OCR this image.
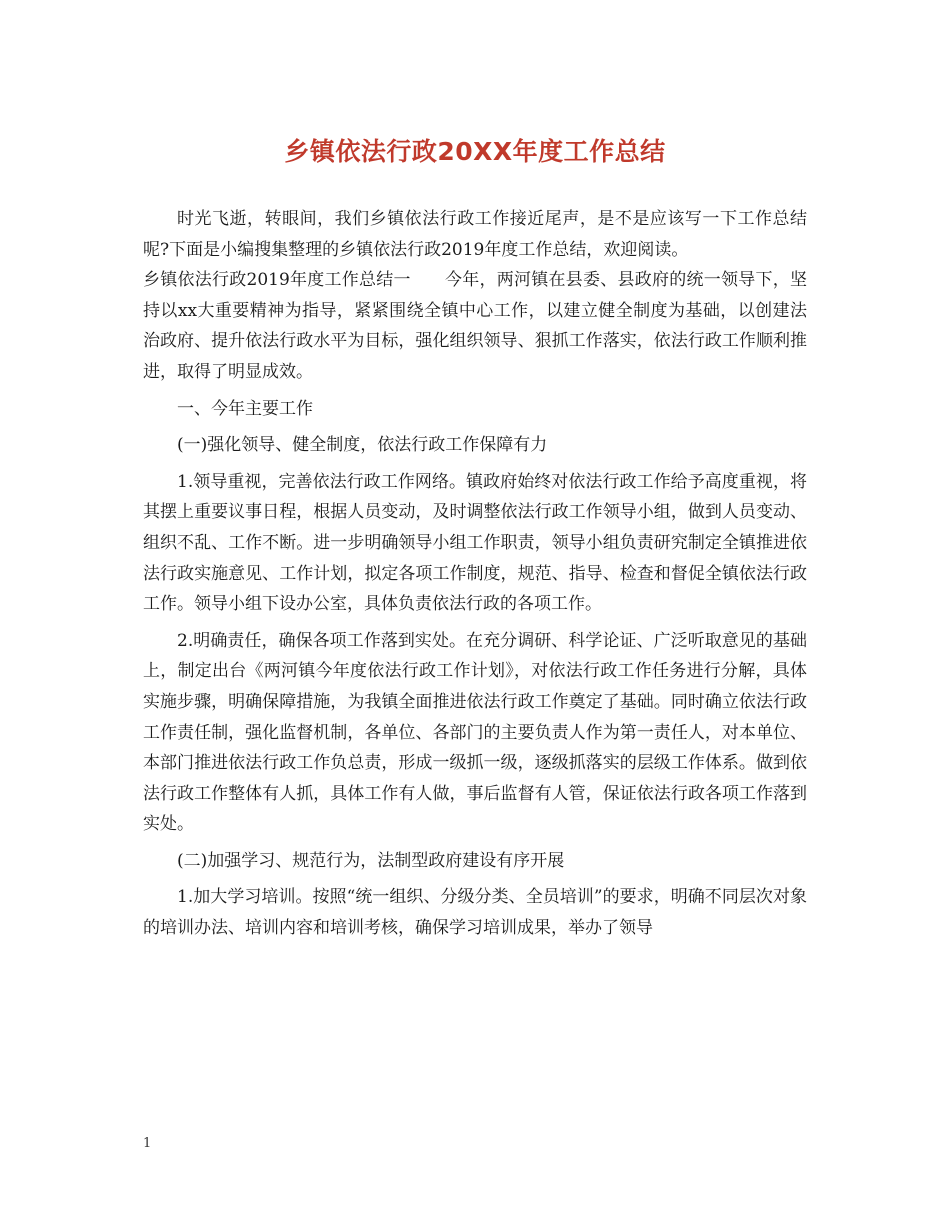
乡镇依法行政20XX年度工作总结

时光飞逝，转眼间，我们乡镇依法行政工作接近尾声，是不是应该写一下工作总结呢?下面是小编搜集整理的乡镇依法行政2019年度工作总结，欢迎阅读。

乡镇依法行政2019年度工作总结一 今年，两河镇在县委、县政府的统一领导下，坚持以xx大重要精神为指导，紧紧围绕全镇中心工作，以建立健全制度为基础，以创建法治政府、提升依法行政水平为目标，强化组织领导、狠抓工作落实，依法行政工作顺利推进，取得了明显成效。

一、今年主要工作

(一)强化领导、健全制度，依法行政工作保障有力

1.领导重视，完善依法行政工作网络。镇政府始终对依法行政工作给予高度重视，将其摆上重要议事日程，根据人员变动，及时调整依法行政工作领导小组，做到人员变动、组织不乱、工作不断。进一步明确领导小组工作职责，领导小组负责研究制定全镇推进依法行政实施意见、工作计划，拟定各项工作制度，规范、指导、检查和督促全镇依法行政工作。领导小组下设办公室，具体负责依法行政的各项工作。

2.明确责任，确保各项工作落到实处。在充分调研、科学论证、广泛听取意见的基础上，制定出台《两河镇今年度依法行政工作计划》，对依法行政工作任务进行分解，具体实施步骤，明确保障措施，为我镇全面推进依法行政工作奠定了基础。同时确立依法行政工作责任制，强化监督机制，各单位、各部门的主要负责人作为第一责任人，对本单位、本部门推进依法行政工作负总责，形成一级抓一级，逐级抓落实的层级工作体系。做到依法行政工作整体有人抓，具体工作有人做，事后监督有人管，保证依法行政各项工作落到实处。

(二)加强学习、规范行为，法制型政府建设有序开展

1.加大学习培训。按照“统一组织、分级分类、全员培训”的要求，明确不同层次对象的培训办法、培训内容和培训考核，确保学习培训成果，举办了领导

1
